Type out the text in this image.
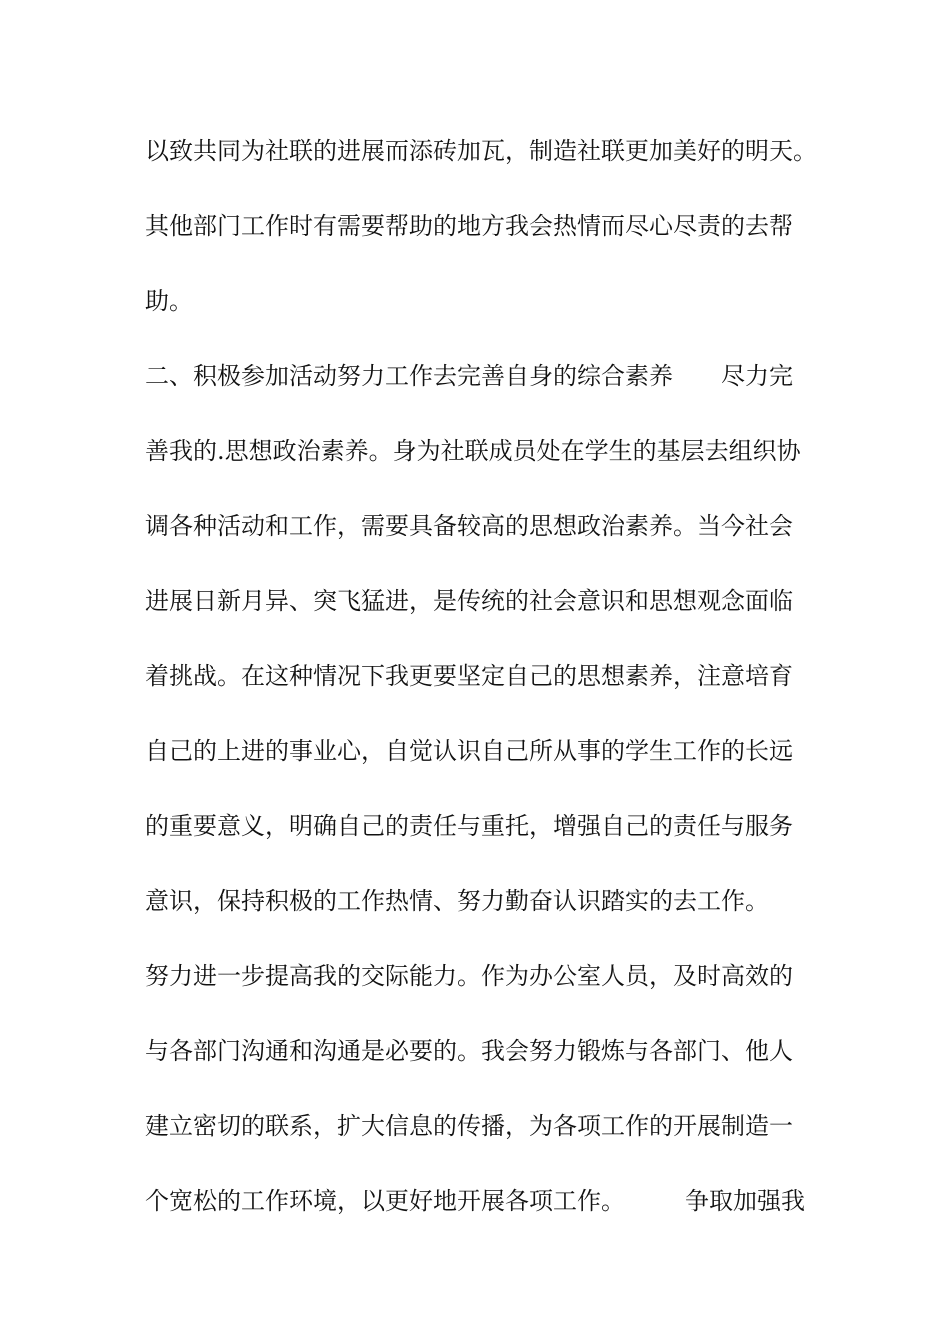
以致共同为社联的进展而添砖加瓦，制造社联更加美好的明天。
其他部门工作时有需要帮助的地方我会热情而尽心尽责的去帮
助。
二、积极参加活动努力工作去完善自身的综合素养　　尽力完
善我的.思想政治素养。身为社联成员处在学生的基层去组织协
调各种活动和工作，需要具备较高的思想政治素养。当今社会
进展日新月异、突飞猛进，是传统的社会意识和思想观念面临
着挑战。在这种情况下我更要坚定自己的思想素养，注意培育
自己的上进的事业心，自觉认识自己所从事的学生工作的长远
的重要意义，明确自己的责任与重托，增强自己的责任与服务
意识，保持积极的工作热情、努力勤奋认识踏实的去工作。
努力进一步提高我的交际能力。作为办公室人员，及时高效的
与各部门沟通和沟通是必要的。我会努力锻炼与各部门、他人
建立密切的联系，扩大信息的传播，为各项工作的开展制造一
个宽松的工作环境，以更好地开展各项工作。　　　争取加强我
